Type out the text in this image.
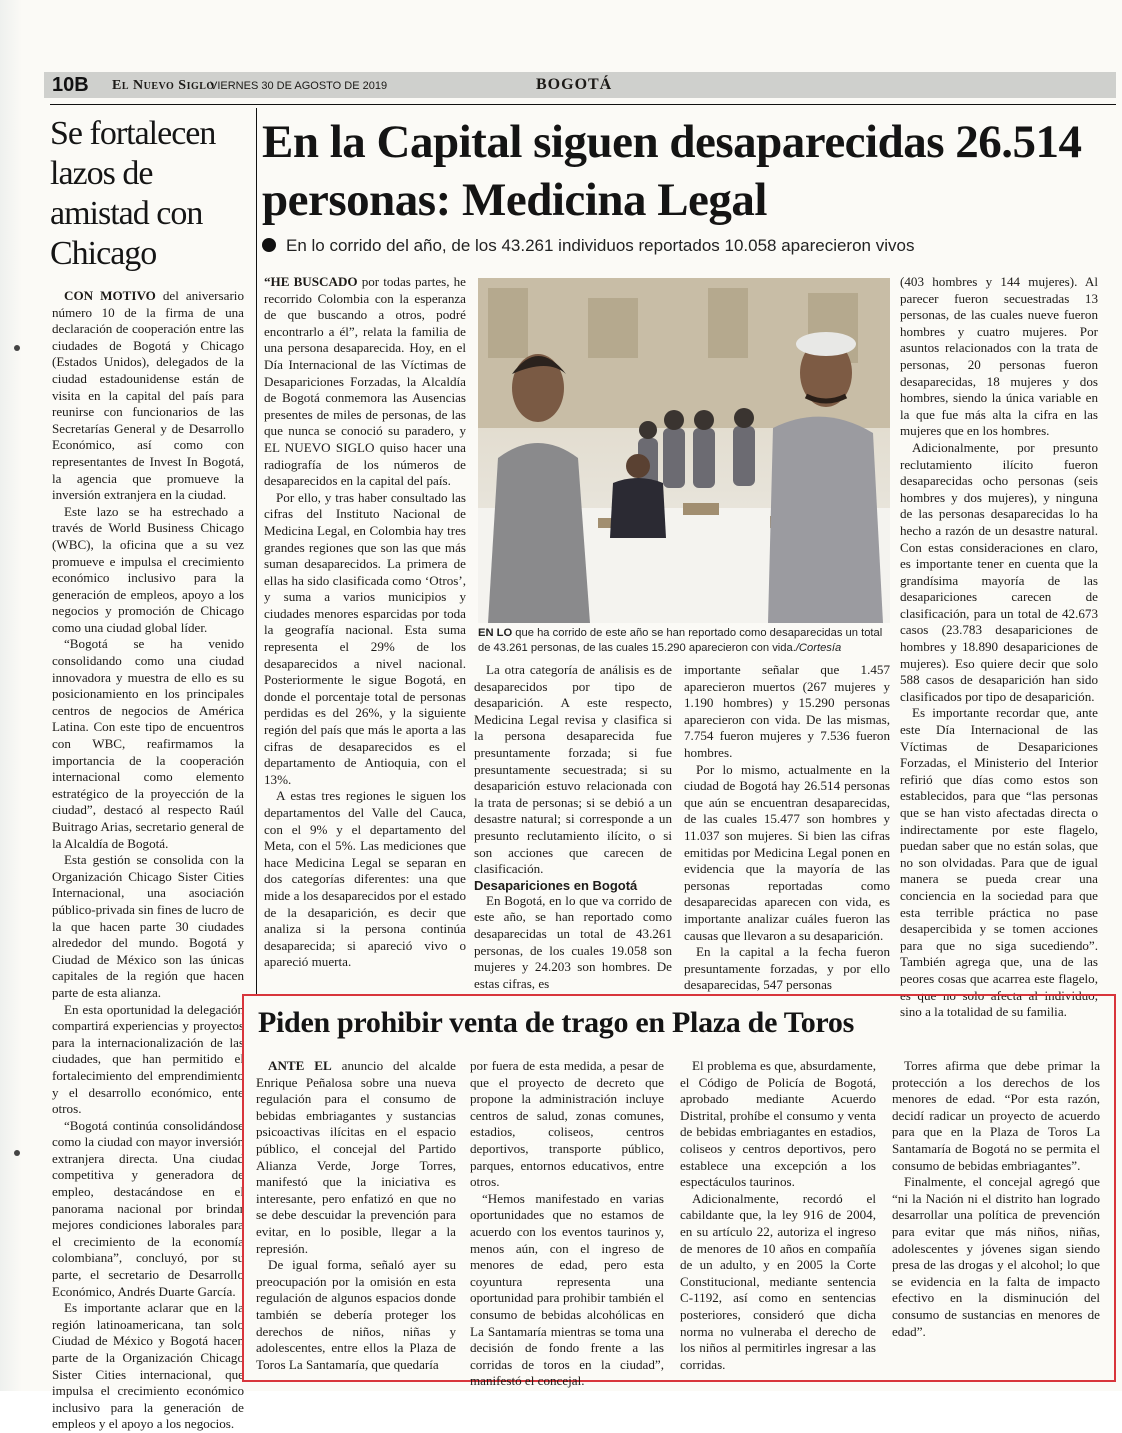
10B El Nuevo Siglo
VIERNES 30 DE AGOSTO DE 2019	BOGOTÁ
Se fortalecen lazos de amistad con Chicago

CON MOTIVO del aniversario número 10 de la firma de una declaración de cooperación entre las ciudades de Bogotá y Chicago (Estados Unidos), delegados de la ciudad estadounidense están de visita en la capital del país para reunirse con funcionarios de las Secretarías General y de Desarrollo Económico, así como con representantes de Invest In Bogotá, la agencia que promueve la inversión extranjera en la ciudad.

Este lazo se ha estrechado a través de World Business Chicago (WBC), la oficina que a su vez promueve e impulsa el crecimiento económico inclusivo para la generación de empleos, apoyo a los negocios y promoción de Chicago como una ciudad global líder.

“Bogotá se ha venido consolidando como una ciudad innovadora y muestra de ello es su posicionamiento en los principales centros de negocios de América Latina. Con este tipo de encuentros con WBC, reafirmamos la importancia de la cooperación internacional como elemento estratégico de la proyección de la ciudad”, destacó al respecto Raúl Buitrago Arias, secretario general de la Alcaldía de Bogotá.

Esta gestión se consolida con la Organización Chicago Sister Cities Internacional, una asociación público-privada sin fines de lucro de la que hacen parte 30 ciudades alrededor del mundo. Bogotá y Ciudad de México son las únicas capitales de la región que hacen parte de esta alianza.

En esta oportunidad la delegación compartirá experiencias y proyectos para la internacionalización de las ciudades, que han permitido el fortalecimiento del emprendimiento y el desarrollo económico, ente otros.

“Bogotá continúa consolidándose como la ciudad con mayor inversión extranjera directa. Una ciudad competitiva y generadora de empleo, destacándose en el panorama nacional por brindar mejores condiciones laborales para el crecimiento de la economía colombiana”, concluyó, por su parte, el secretario de Desarrollo Económico, Andrés Duarte García.

Es importante aclarar que en la región latinoamericana, tan solo Ciudad de México y Bogotá hacen parte de la Organización Chicago Sister Cities internacional, que impulsa el crecimiento económico inclusivo para la generación de empleos y el apoyo a los negocios.

En la Capital siguen desaparecidas 26.514 personas: Medicina Legal
En lo corrido del año, de los 43.261 individuos reportados 10.058 aparecieron vivos

“HE BUSCADO por todas partes, he recorrido Colombia con la esperanza de que buscando a otros, podré encontrarlo a él”, relata la familia de una persona desaparecida. Hoy, en el Día Internacional de las Víctimas de Desapariciones Forzadas, la Alcaldía de Bogotá conmemora las Ausencias presentes de miles de personas, de las que nunca se conoció su paradero, y EL NUEVO SIGLO quiso hacer una radiografía de los números de desaparecidos en la capital del país.

Por ello, y tras haber consultado las cifras del Instituto Nacional de Medicina Legal, en Colombia hay tres grandes regiones que son las que más suman desaparecidos. La primera de ellas ha sido clasificada como ‘Otros’, y suma a varios municipios y ciudades menores esparcidas por toda la geografía nacional. Esta suma representa el 29% de los desaparecidos a nivel nacional. Posteriormente le sigue Bogotá, en donde el porcentaje total de personas perdidas es del 26%, y la siguiente región del país que más le aporta a las cifras de desaparecidos es el departamento de Antioquia, con el 13%.

A estas tres regiones le siguen los departamentos del Valle del Cauca, con el 9% y el departamento del Meta, con el 5%. Las mediciones que hace Medicina Legal se separan en dos categorías diferentes: una que mide a los desaparecidos por el estado de la desaparición, es decir que analiza si la persona continúa desaparecida; si apareció vivo o apareció muerta.

EN LO que ha corrido de este año se han reportado como desaparecidas un total de 43.261 personas, de las cuales 15.290 aparecieron con vida./Cortesía

La otra categoría de análisis es de desaparecidos por tipo de desaparición. A este respecto, Medicina Legal revisa y clasifica si la persona desaparecida fue presuntamente forzada; si fue presuntamente secuestrada; si su desaparición estuvo relacionada con la trata de personas; si se debió a un desastre natural; si corresponde a un presunto reclutamiento ilícito, o si son acciones que carecen de clasificación.

Desapariciones en Bogotá

En Bogotá, en lo que va corrido de este año, se han reportado como desaparecidas un total de 43.261 personas, de los cuales 19.058 son mujeres y 24.203 son hombres. De estas cifras, es

importante señalar que 1.457 aparecieron muertos (267 mujeres y 1.190 hombres) y 15.290 personas aparecieron con vida. De las mismas, 7.754 fueron mujeres y 7.536 fueron hombres.

Por lo mismo, actualmente en la ciudad de Bogotá hay 26.514 personas que aún se encuentran desaparecidas, de las cuales 15.477 son hombres y 11.037 son mujeres. Si bien las cifras emitidas por Medicina Legal ponen en evidencia que la mayoría de las personas reportadas como desaparecidas aparecen con vida, es importante analizar cuáles fueron las causas que llevaron a su desaparición.

En la capital a la fecha fueron presuntamente forzadas, y por ello desaparecidas, 547 personas

(403 hombres y 144 mujeres). Al parecer fueron secuestradas 13 personas, de las cuales nueve fueron hombres y cuatro mujeres. Por asuntos relacionados con la trata de personas, 20 personas fueron desaparecidas, 18 mujeres y dos hombres, siendo la única variable en la que fue más alta la cifra en las mujeres que en los hombres.

Adicionalmente, por presunto reclutamiento ilícito fueron desaparecidas ocho personas (seis hombres y dos mujeres), y ninguna de las personas desaparecidas lo ha hecho a razón de un desastre natural. Con estas consideraciones en claro, es importante tener en cuenta que la grandísima mayoría de las desapariciones carecen de clasificación, para un total de 42.673 casos (23.783 desapariciones de hombres y 18.890 desapariciones de mujeres). Eso quiere decir que solo 588 casos de desaparición han sido clasificados por tipo de desaparición.

Es importante recordar que, ante este Día Internacional de las Víctimas de Desapariciones Forzadas, el Ministerio del Interior refirió que días como estos son establecidos, para que “las personas que se han visto afectadas directa o indirectamente por este flagelo, puedan saber que no están solas, que no son olvidadas. Para que de igual manera se pueda crear una conciencia en la sociedad para que esta terrible práctica no pase desapercibida y se tomen acciones para que no siga sucediendo”. También agrega que, una de las peores cosas que acarrea este flagelo, es que no solo afecta al individuo, sino a la totalidad de su familia.

Piden prohibir venta de trago en Plaza de Toros

ANTE EL anuncio del alcalde Enrique Peñalosa sobre una nueva regulación para el consumo de bebidas embriagantes y sustancias psicoactivas ilícitas en el espacio público, el concejal del Partido Alianza Verde, Jorge Torres, manifestó que la iniciativa es interesante, pero enfatizó en que no se debe descuidar la prevención para evitar, en lo posible, llegar a la represión.

De igual forma, señaló ayer su preocupación por la omisión en esta regulación de algunos espacios donde también se debería proteger los derechos de niños, niñas y adolescentes, entre ellos la Plaza de Toros La Santamaría, que quedaría

por fuera de esta medida, a pesar de que el proyecto de decreto que propone la administración incluye centros de salud, zonas comunes, estadios, coliseos, centros deportivos, transporte público, parques, entornos educativos, entre otros.

“Hemos manifestado en varias oportunidades que no estamos de acuerdo con los eventos taurinos y, menos aún, con el ingreso de menores de edad, pero esta coyuntura representa una oportunidad para prohibir también el consumo de bebidas alcohólicas en La Santamaría mientras se toma una decisión de fondo frente a las corridas de toros en la ciudad”, manifestó el concejal.

El problema es que, absurdamente, el Código de Policía de Bogotá, aprobado mediante Acuerdo Distrital, prohíbe el consumo y venta de bebidas embriagantes en estadios, coliseos y centros deportivos, pero establece una excepción a los espectáculos taurinos.

Adicionalmente, recordó el cabildante que, la ley 916 de 2004, en su artículo 22, autoriza el ingreso de menores de 10 años en compañía de un adulto, y en 2005 la Corte Constitucional, mediante sentencia C-1192, así como en sentencias posteriores, consideró que dicha norma no vulneraba el derecho de los niños al permitirles ingresar a las corridas.

Torres afirma que debe primar la protección a los derechos de los menores de edad. “Por esta razón, decidí radicar un proyecto de acuerdo para que en la Plaza de Toros La Santamaría de Bogotá no se permita el consumo de bebidas embriagantes”.

Finalmente, el concejal agregó que “ni la Nación ni el distrito han logrado desarrollar una política de prevención para evitar que más niños, niñas, adolescentes y jóvenes sigan siendo presa de las drogas y el alcohol; lo que se evidencia en la falta de impacto efectivo en la disminución del consumo de sustancias en menores de edad”.
